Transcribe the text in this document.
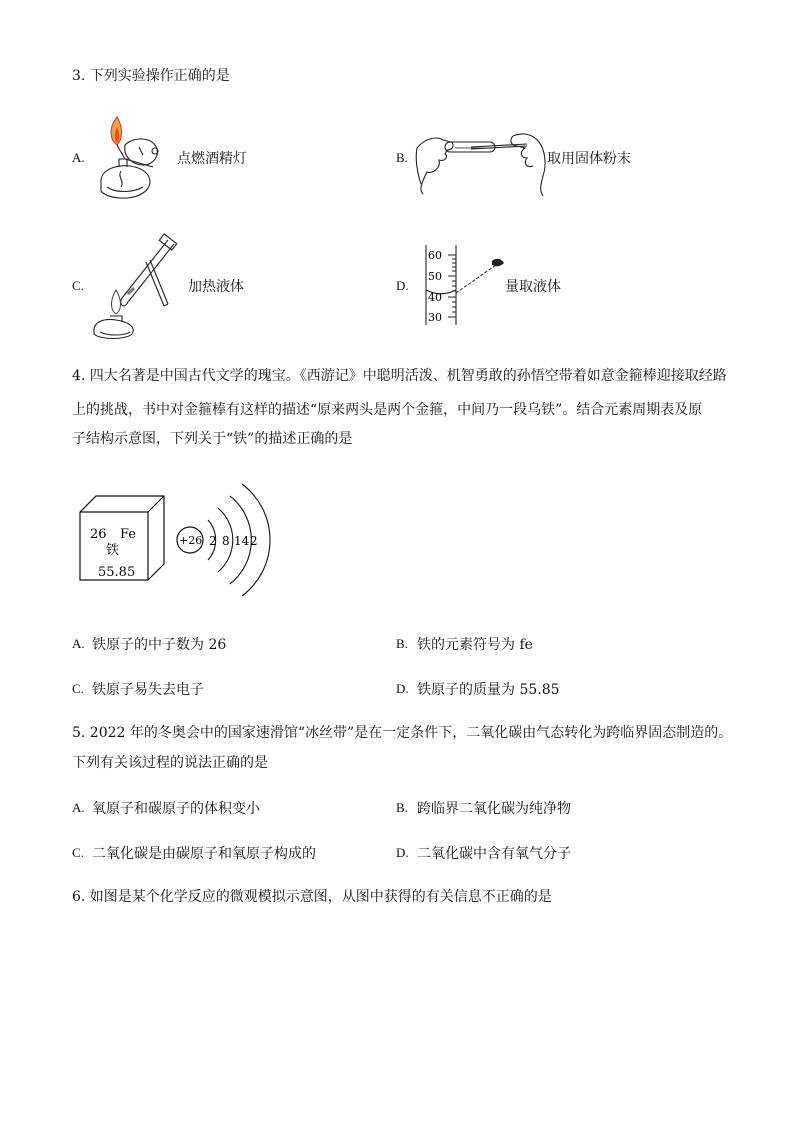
3. 下列实验操作正确的是
A.	点燃酒精灯	B.	取用固体粉末
C.	加热液体	D.
60
50
40
30
量取液体
4. 四大名著是中国古代文学的瑰宝。《西游记》中聪明活泼、机智勇敢的孙悟空带着如意金箍棒迎接取经路
上的挑战，书中对金箍棒有这样的描述“原来两头是两个金箍，中间乃一段乌铁”。结合元素周期表及原
子结构示意图，下列关于“铁”的描述正确的是
26 Fe
铁
55.85
+26 2 8 14 2
A. 铁原子的中子数为 26	B. 铁的元素符号为 fe
C. 铁原子易失去电子	D. 铁原子的质量为 55.85
5. 2022 年的冬奥会中的国家速滑馆“冰丝带”是在一定条件下，二氧化碳由气态转化为跨临界固态制造的。
下列有关该过程的说法正确的是
A. 氧原子和碳原子的体积变小	B. 跨临界二氧化碳为纯净物
C. 二氧化碳是由碳原子和氧原子构成的	D. 二氧化碳中含有氧气分子
6. 如图是某个化学反应的微观模拟示意图，从图中获得的有关信息不正确的是
